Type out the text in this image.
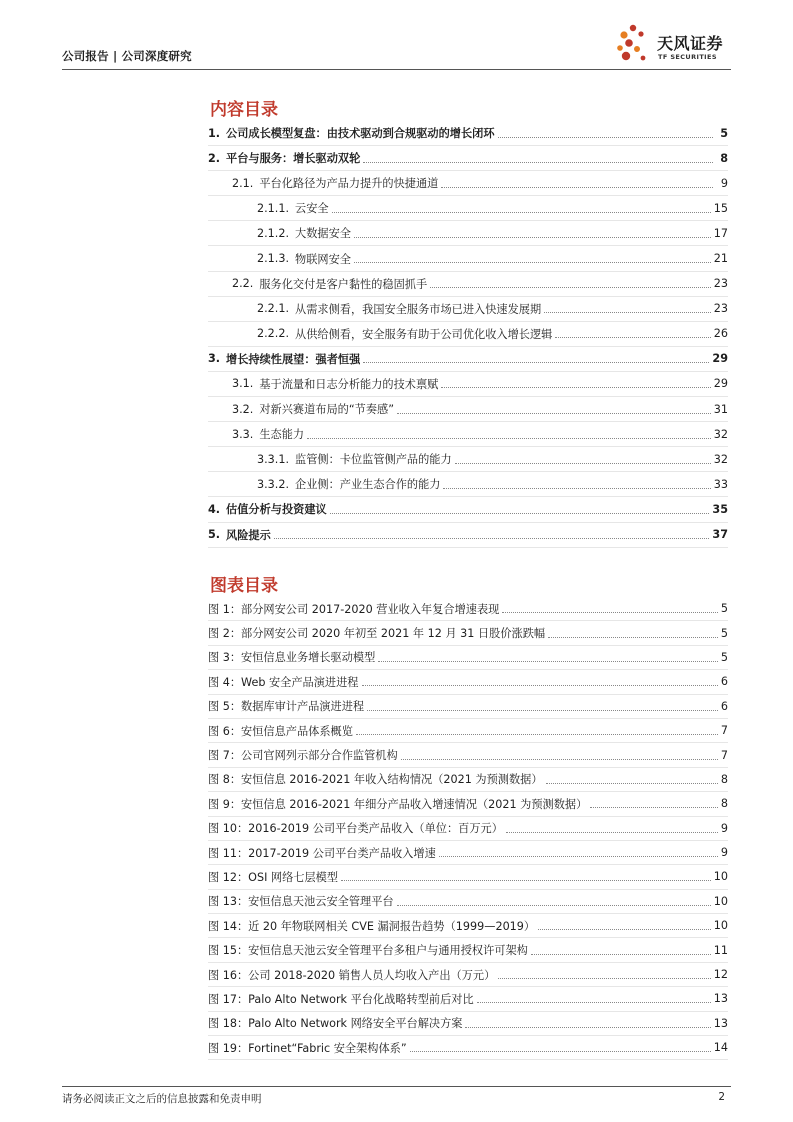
公司报告 | 公司深度研究
天风证券
TF SECURITIES
内容目录
1. 公司成长模型复盘：由技术驱动到合规驱动的增长闭环	5
2. 平台与服务：增长驱动双轮	8
2.1. 平台化路径为产品力提升的快捷通道	9
2.1.1. 云安全	15
2.1.2. 大数据安全	17
2.1.3. 物联网安全	21
2.2. 服务化交付是客户黏性的稳固抓手	23
2.2.1. 从需求侧看，我国安全服务市场已进入快速发展期	23
2.2.2. 从供给侧看，安全服务有助于公司优化收入增长逻辑	26
3. 增长持续性展望：强者恒强	29
3.1. 基于流量和日志分析能力的技术禀赋	29
3.2. 对新兴赛道布局的“节奏感”	31
3.3. 生态能力	32
3.3.1. 监管侧：卡位监管侧产品的能力	32
3.3.2. 企业侧：产业生态合作的能力	33
4. 估值分析与投资建议	35
5. 风险提示	37
图表目录
图 1：部分网安公司 2017-2020 营业收入年复合增速表现	5
图 2：部分网安公司 2020 年初至 2021 年 12 月 31 日股价涨跌幅	5
图 3：安恒信息业务增长驱动模型	5
图 4：Web 安全产品演进进程	6
图 5：数据库审计产品演进进程	6
图 6：安恒信息产品体系概览	7
图 7：公司官网列示部分合作监管机构	7
图 8：安恒信息 2016-2021 年收入结构情况（2021 为预测数据）	8
图 9：安恒信息 2016-2021 年细分产品收入增速情况（2021 为预测数据）	8
图 10：2016-2019 公司平台类产品收入（单位：百万元）	9
图 11：2017-2019 公司平台类产品收入增速	9
图 12：OSI 网络七层模型	10
图 13：安恒信息天池云安全管理平台	10
图 14：近 20 年物联网相关 CVE 漏洞报告趋势（1999—2019）	10
图 15：安恒信息天池云安全管理平台多租户与通用授权许可架构	11
图 16：公司 2018-2020 销售人员人均收入产出（万元）	12
图 17：Palo Alto Network 平台化战略转型前后对比	13
图 18：Palo Alto Network 网络安全平台解决方案	13
图 19：Fortinet“Fabric 安全架构体系”	14
请务必阅读正文之后的信息披露和免责申明	2
